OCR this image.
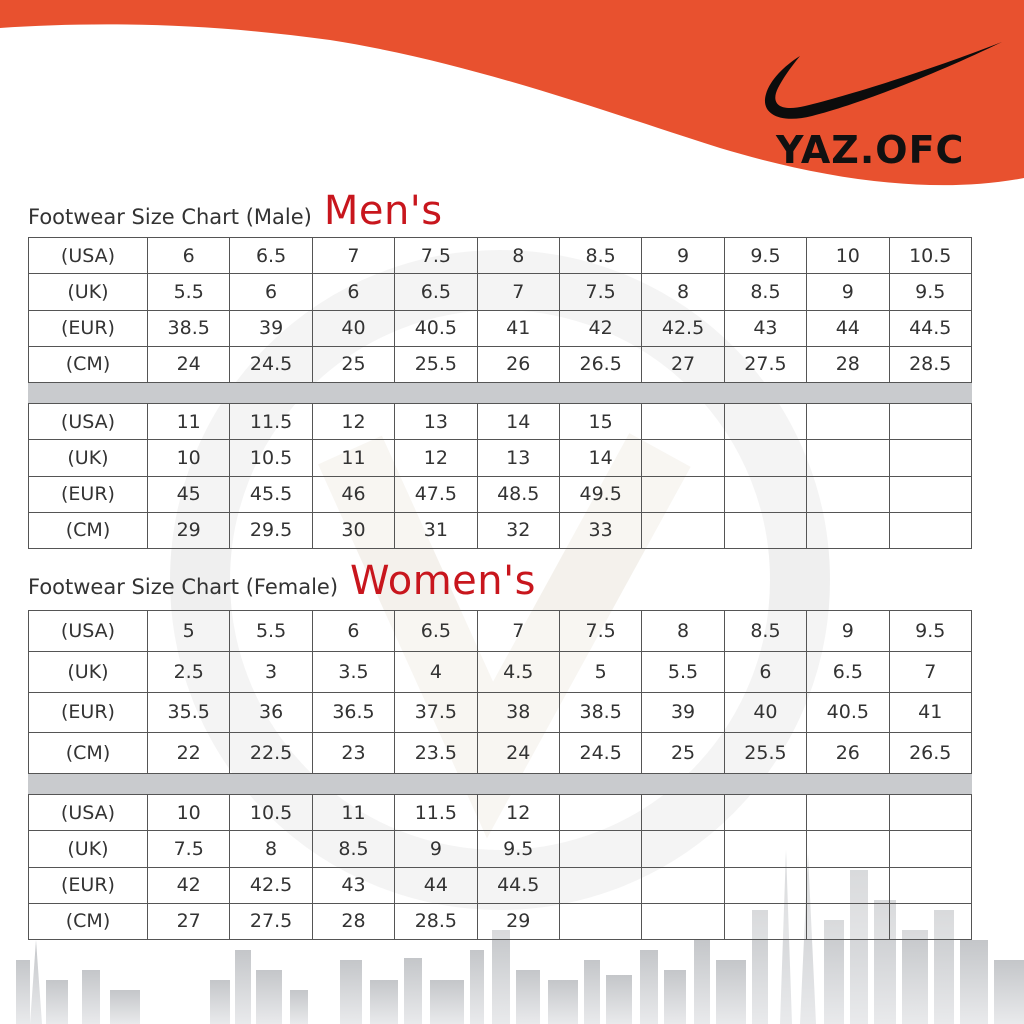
YAZ.OFC
Footwear Size Chart (Male) Men's
(USA)	6	6.5	7	7.5	8	8.5	9	9.5	10	10.5
(UK)	5.5	6	6	6.5	7	7.5	8	8.5	9	9.5
(EUR)	38.5	39	40	40.5	41	42	42.5	43	44	44.5
(CM)	24	24.5	25	25.5	26	26.5	27	27.5	28	28.5
(USA)	11	11.5	12	13	14	15				
(UK)	10	10.5	11	12	13	14				
(EUR)	45	45.5	46	47.5	48.5	49.5				
(CM)	29	29.5	30	31	32	33				
Footwear Size Chart (Female) Women's
(USA)	5	5.5	6	6.5	7	7.5	8	8.5	9	9.5
(UK)	2.5	3	3.5	4	4.5	5	5.5	6	6.5	7
(EUR)	35.5	36	36.5	37.5	38	38.5	39	40	40.5	41
(CM)	22	22.5	23	23.5	24	24.5	25	25.5	26	26.5
(USA)	10	10.5	11	11.5	12					
(UK)	7.5	8	8.5	9	9.5					
(EUR)	42	42.5	43	44	44.5					
(CM)	27	27.5	28	28.5	29					
